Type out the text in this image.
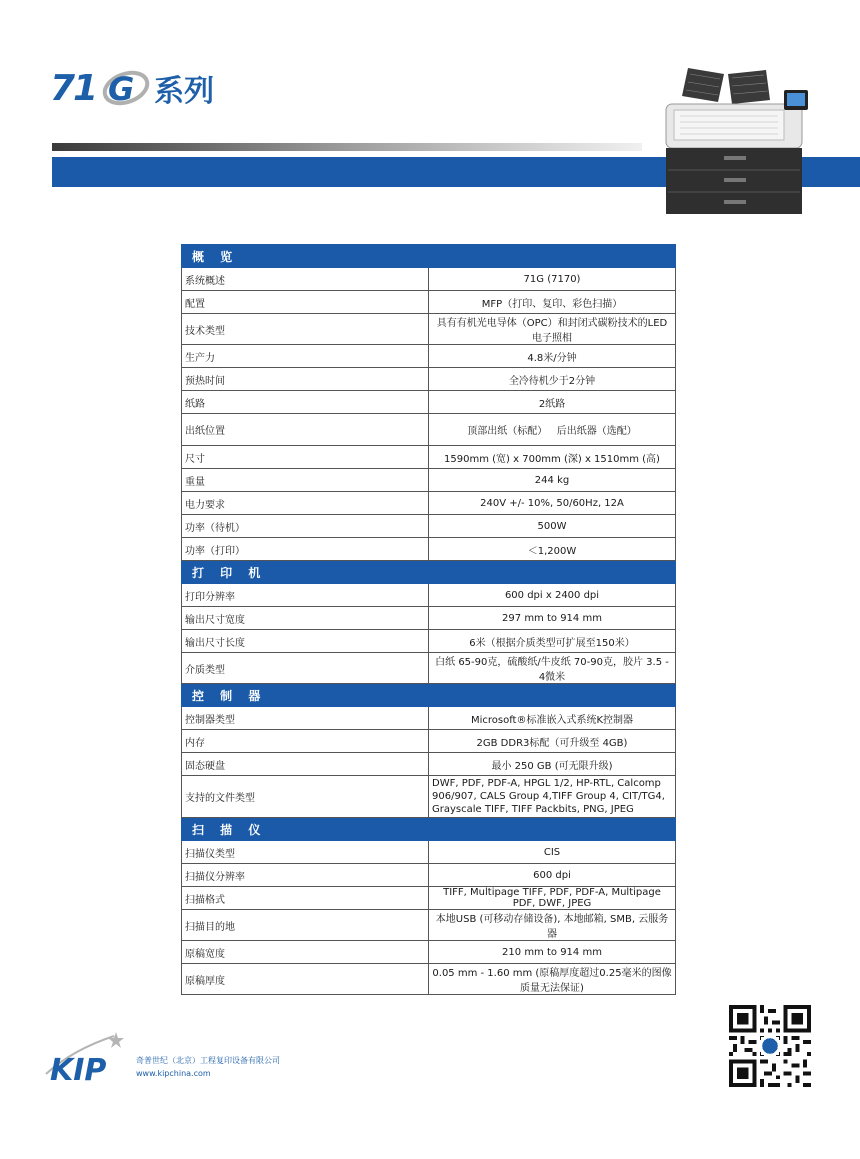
71 G 系列
概 览	
系统概述	71G (7170)
配置	MFP（打印、复印、彩色扫描）
技术类型	具有有机光电导体（OPC）和封闭式碳粉技术的LED电子照相
生产力	4.8米/分钟
预热时间	全冷待机少于2分钟
纸路	2纸路
出纸位置	顶部出纸（标配）   后出纸器（选配）
尺寸	1590mm (宽) x 700mm (深) x 1510mm (高)
重量	244 kg
电力要求	240V +/- 10%, 50/60Hz, 12A
功率（待机）	500W
功率（打印）	＜1,200W
打 印 机	
打印分辨率	600 dpi x 2400 dpi
输出尺寸宽度	297 mm to 914 mm
输出尺寸长度	6米（根据介质类型可扩展至150米）
介质类型	白纸 65-90克，硫酸纸/牛皮纸 70-90克，胶片 3.5 - 4微米
控 制 器	
控制器类型	Microsoft®标准嵌入式系统K控制器
内存	2GB DDR3标配（可升级至 4GB)
固态硬盘	最小 250 GB (可无限升级)
支持的文件类型	DWF, PDF, PDF-A, HPGL 1/2, HP-RTL, Calcomp 906/907, CALS Group 4,TIFF Group 4, CIT/TG4, Grayscale TIFF, TIFF Packbits, PNG, JPEG
扫 描 仪	
扫描仪类型	CIS
扫描仪分辨率	600 dpi
扫描格式	TIFF, Multipage TIFF, PDF, PDF-A, Multipage PDF, DWF, JPEG
扫描目的地	本地USB (可移动存储设备), 本地邮箱, SMB, 云服务器
原稿宽度	210 mm to 914 mm
原稿厚度	0.05 mm - 1.60 mm (原稿厚度超过0.25毫米的图像质量无法保证)
KIP	奇普世纪（北京）工程复印设备有限公司
www.kipchina.com
